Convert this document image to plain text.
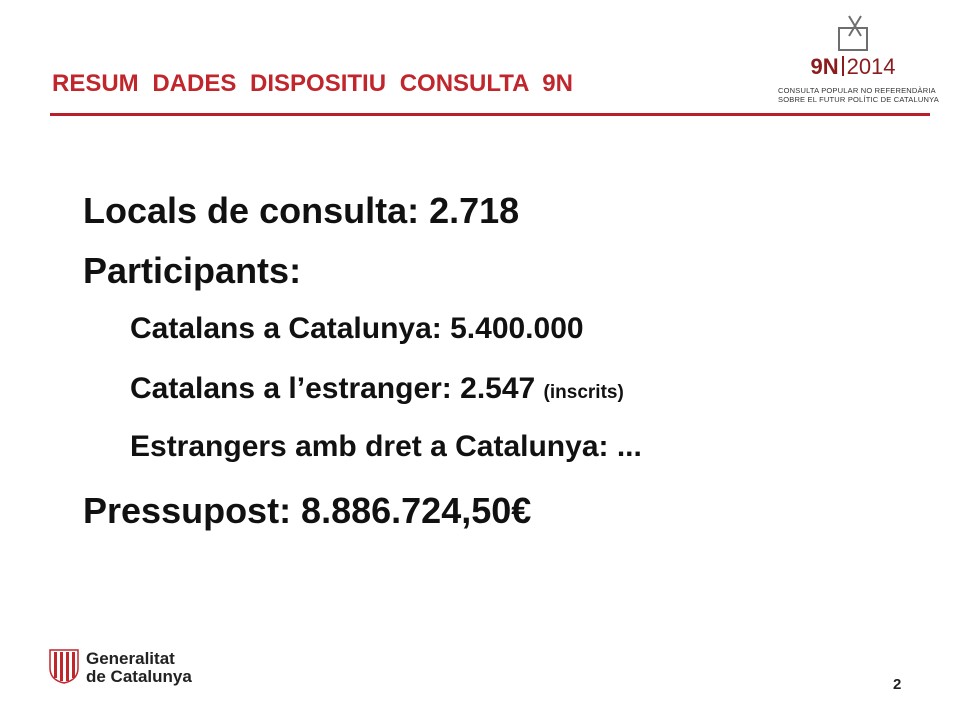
RESUM DADES DISPOSITIU CONSULTA 9N
9N 2014
CONSULTA POPULAR NO REFERENDÀRIA
SOBRE EL FUTUR POLÍTIC DE CATALUNYA
Locals de consulta: 2.718
Participants:
Catalans a Catalunya: 5.400.000
Catalans a l’estranger: 2.547 (inscrits)
Estrangers amb dret a Catalunya: ...
Pressupost: 8.886.724,50€
Generalitat
de Catalunya	2
